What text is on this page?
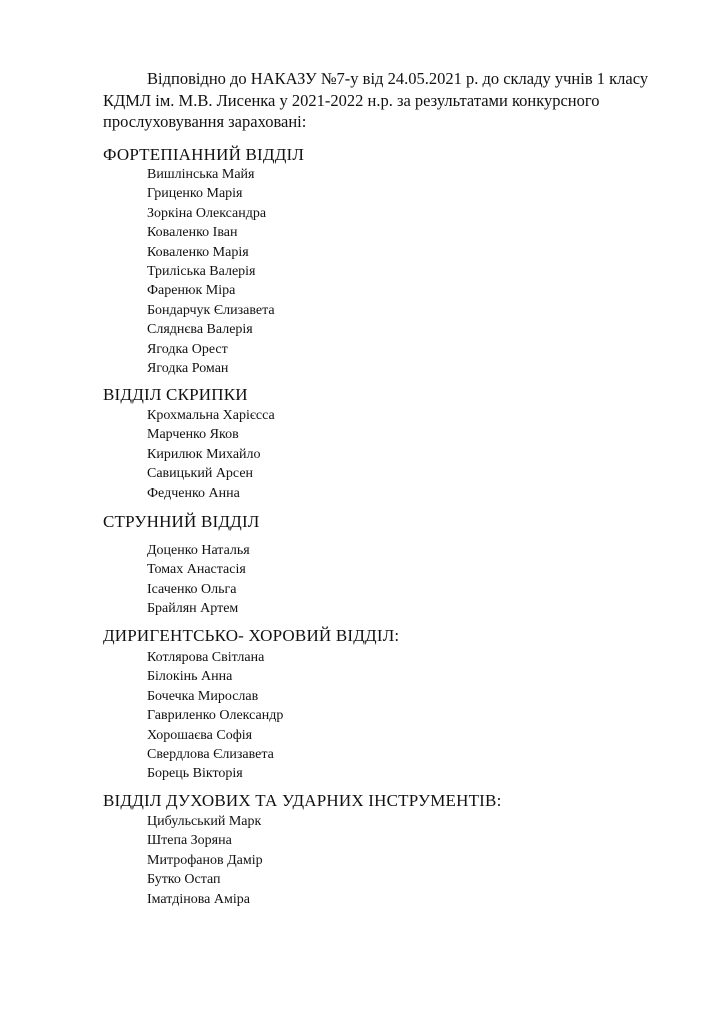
Відповідно до НАКАЗУ №7-у від 24.05.2021 р. до складу учнів 1 класу КДМЛ ім. М.В. Лисенка у 2021-2022 н.р. за результатами конкурсного прослуховування зараховані:

ФОРТЕПІАННИЙ ВІДДІЛ
Вишлінська Майя
Гриценко Марія
Зоркіна Олександра
Коваленко Іван
Коваленко Марія
Трилiська Валерія
Фаренюк Міра
Бондарчук Єлизавета
Сляднєва Валерія
Ягодка Орест
Ягодка Роман
ВІДДІЛ СКРИПКИ
Крохмальна Харієсса
Марченко Яков
Кирилюк Михайло
Савицький Арсен
Федченко Анна
СТРУННИЙ ВІДДІЛ
Доценко Наталья
Томах Анастасія
Ісаченко Ольга
Брайлян Артем
ДИРИГЕНТСЬКО- ХОРОВИЙ ВІДДІЛ:
Котлярова Світлана
Білокінь Анна
Бочечка Мирослав
Гавриленко Олександр
Хорошаєва Софія
Свердлова Єлизавета
Борець Вікторія
ВІДДІЛ ДУХОВИХ ТА УДАРНИХ ІНСТРУМЕНТІВ:
Цибульський Марк
Штепа Зоряна
Митрофанов Дамір
Бутко Остап
Іматдінова Аміра
